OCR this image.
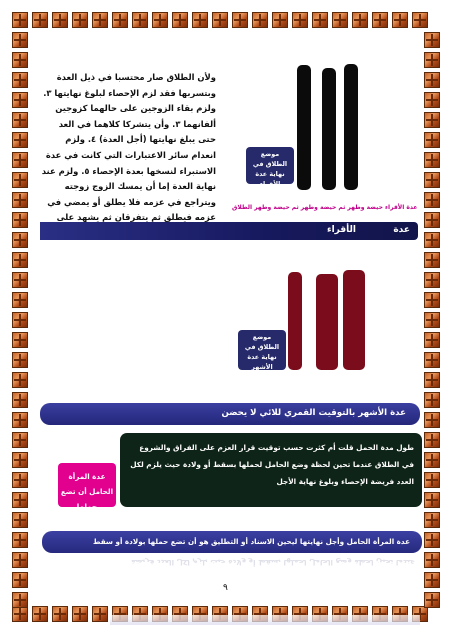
ولأن الطلاق صار محتسبا في ذيل العدة وبتسربها فقد لزم الإحصاء لبلوغ نهايتها ٣. ولزم بقاء الزوجين على حالهما كزوجين ألفانهما ٣. وأن يتشركا كلاهما في العد حتى يبلغ نهايتها (أجل العدة) ٤. ولزم انعدام سائر الاعتبارات التي كانت في عدة الاستبراء لنسخها بعدة الإحصاء ٥. ولزم عند نهاية العدة إما أن يمسك الزوج زوجته ويتراجع في عزمه فلا يطلق أو يمضي في عزمه فيطلق ثم يتفرقان ثم يشهد على
موضع الطلاق في نهاية عدة الأقراء
عدة الأقراء حيضة وطهر ثم حيضة وطهر ثم حيضة وطهر الطلاق
الأقراء	عدة
موضع الطلاق في نهاية عدة الأشهر
عدة الأشهر بالتوقيت القمري للائي لا يحضن
طول مدة الحمل قلت أم كثرت حسب توقيت قرار العزم على الفراق والشروع في الطلاق عندما تحين لحظة وضع الحامل لحملها بسقط أو ولادة حيث يلزم لكل العدد فريضة الإحصاء وبلوغ نهاية الأجل
عدة المرأة الحامل أن تضع حملها
عدة المرأة الحامل وأجل نهايتها ليحين الاسناد أو التطليق هو أن تضع حملها بولادة أو سقط
عندما تحين لحظة وضع الحامل لحملها بسقط أو ولادة حيث يلزم لكل العدد فريضة
٩
